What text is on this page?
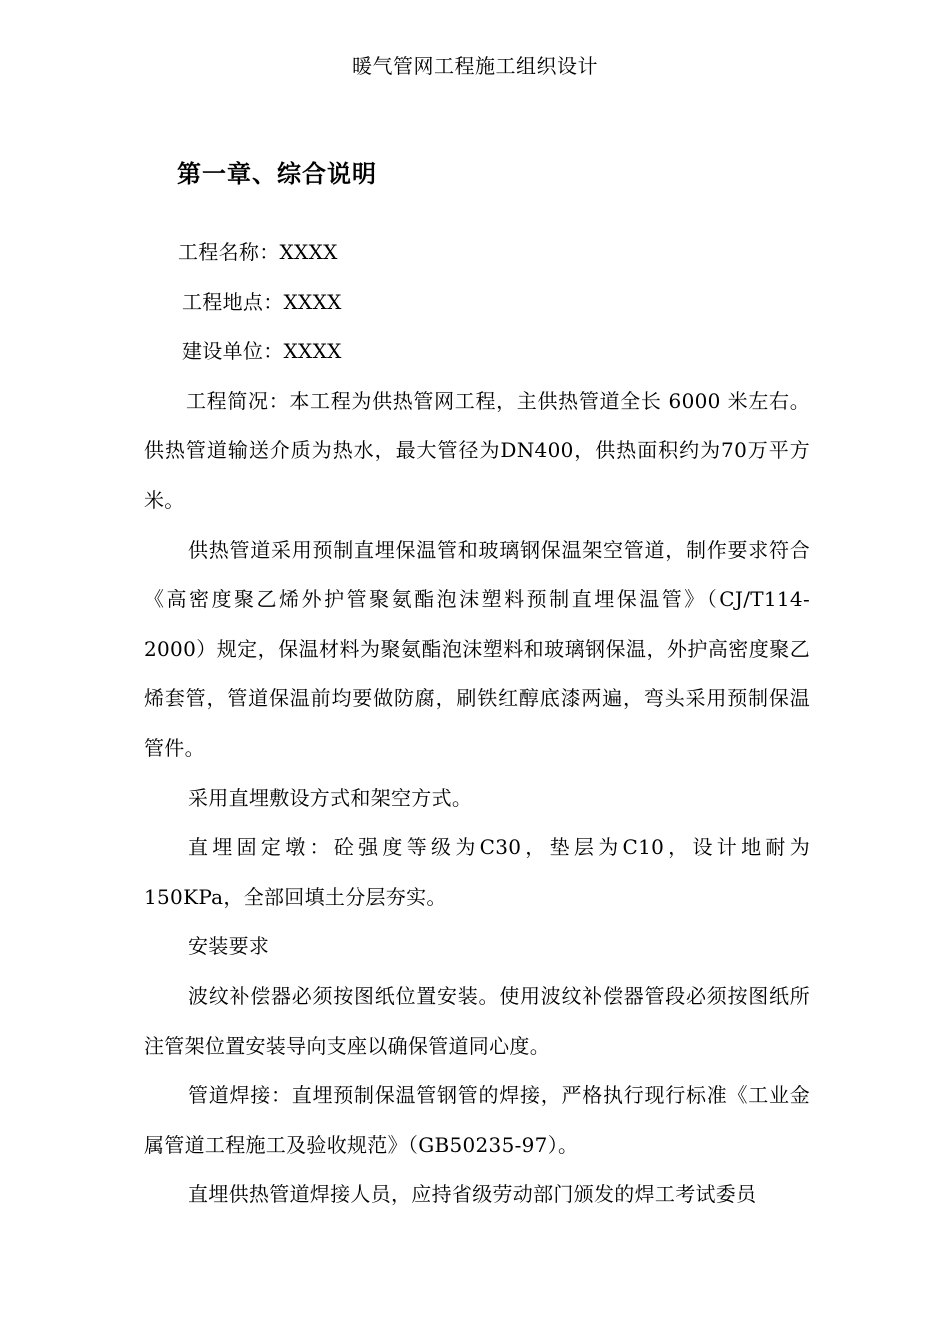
暖气管网工程施工组织设计
第一章、综合说明

工程名称：XXXX

工程地点：XXXX

建设单位：XXXX

工程简况：本工程为供热管网工程，主供热管道全长 6000 米左右。供热管道输送介质为热水，最大管径为DN400，供热面积约为70万平方米。

供热管道采用预制直埋保温管和玻璃钢保温架空管道，制作要求符合《高密度聚乙烯外护管聚氨酯泡沫塑料预制直埋保温管》（CJ/T114-2000）规定，保温材料为聚氨酯泡沫塑料和玻璃钢保温，外护高密度聚乙烯套管，管道保温前均要做防腐，刷铁红醇底漆两遍，弯头采用预制保温管件。

采用直埋敷设方式和架空方式。

直埋固定墩：砼强度等级为C30，垫层为C10，设计地耐为150KPa，全部回填土分层夯实。

安装要求

波纹补偿器必须按图纸位置安装。使用波纹补偿器管段必须按图纸所注管架位置安装导向支座以确保管道同心度。

管道焊接：直埋预制保温管钢管的焊接，严格执行现行标准《工业金属管道工程施工及验收规范》（GB50235-97）。

直埋供热管道焊接人员，应持省级劳动部门颁发的焊工考试委员
